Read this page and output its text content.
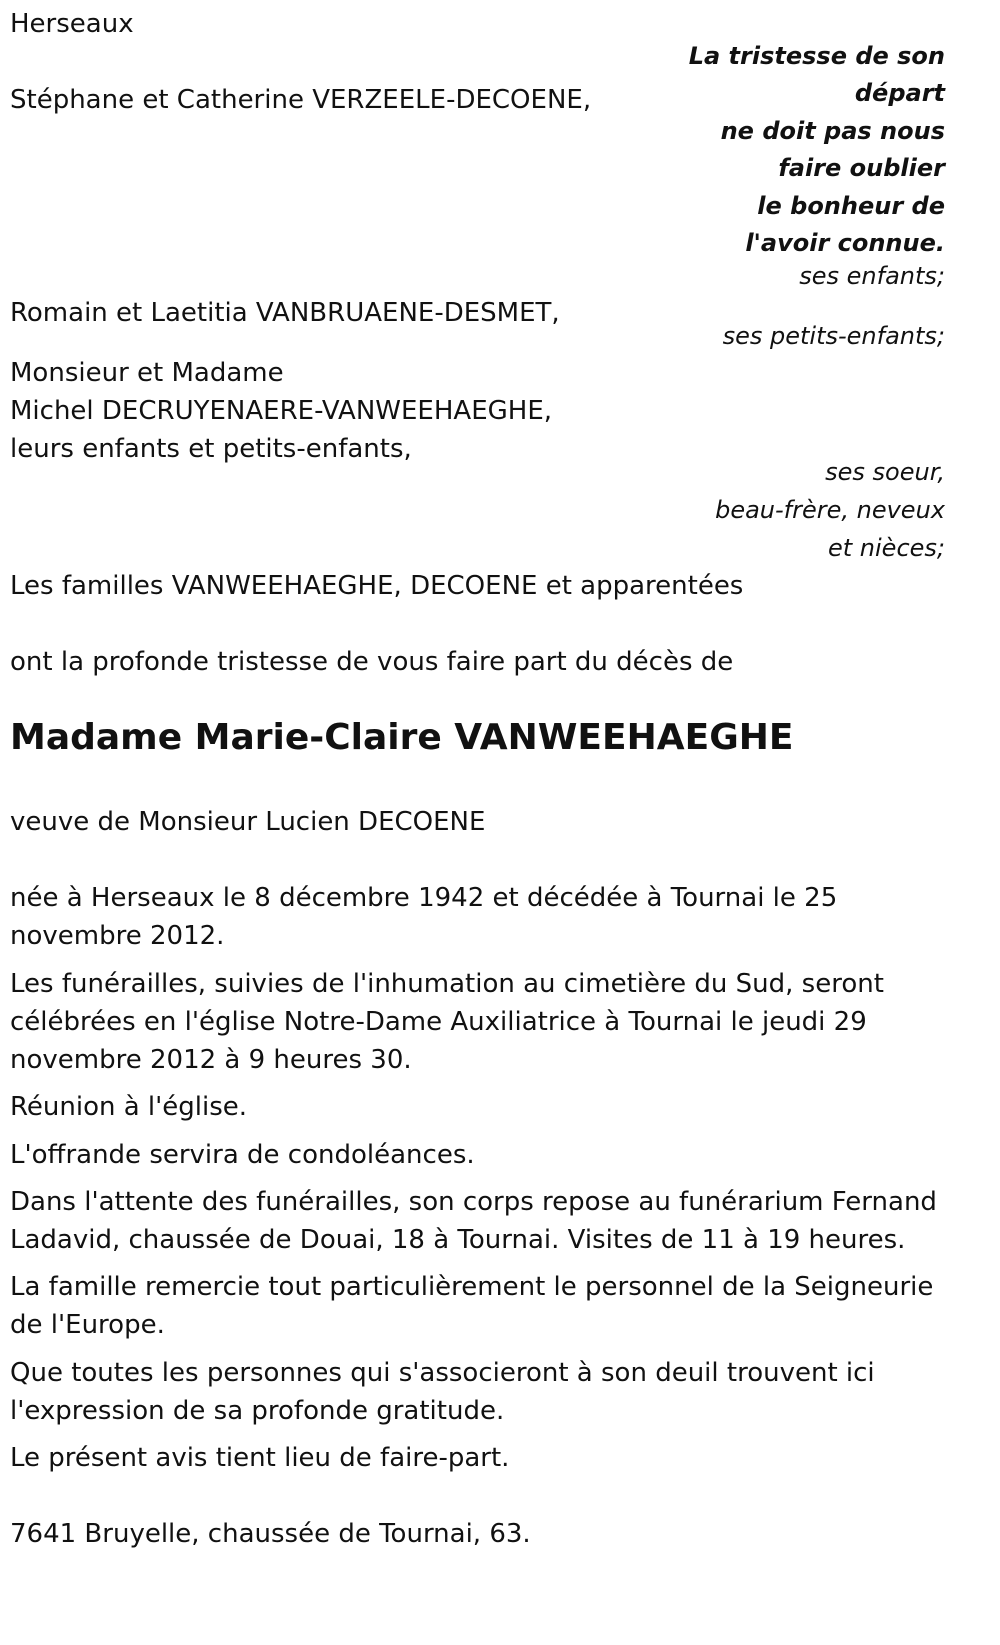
Herseaux

La tristesse de son
départ
ne doit pas nous
faire oublier
le bonheur de
l'avoir connue.

Stéphane et Catherine VERZEELE-DECOENE,

ses enfants;

Romain et Laetitia VANBRUAENE-DESMET,

ses petits-enfants;

Monsieur et Madame
Michel DECRUYENAERE-VANWEEHAEGHE,
leurs enfants et petits-enfants,
ses soeur,
beau-frère, neveux
et nièces;

Les familles VANWEEHAEGHE, DECOENE et apparentées

ont la profonde tristesse de vous faire part du décès de

Madame Marie-Claire VANWEEHAEGHE

veuve de Monsieur Lucien DECOENE

née à Herseaux le 8 décembre 1942 et décédée à Tournai le 25
novembre 2012.
Les funérailles, suivies de l'inhumation au cimetière du Sud, seront
célébrées en l'église Notre-Dame Auxiliatrice à Tournai le jeudi 29
novembre 2012 à 9 heures 30.

Réunion à l'église.

L'offrande servira de condoléances.

Dans l'attente des funérailles, son corps repose au funérarium Fernand
Ladavid, chaussée de Douai, 18 à Tournai. Visites de 11 à 19 heures.
La famille remercie tout particulièrement le personnel de la Seigneurie
de l'Europe.
Que toutes les personnes qui s'associeront à son deuil trouvent ici
l'expression de sa profonde gratitude.

Le présent avis tient lieu de faire-part.

7641 Bruyelle, chaussée de Tournai, 63.
